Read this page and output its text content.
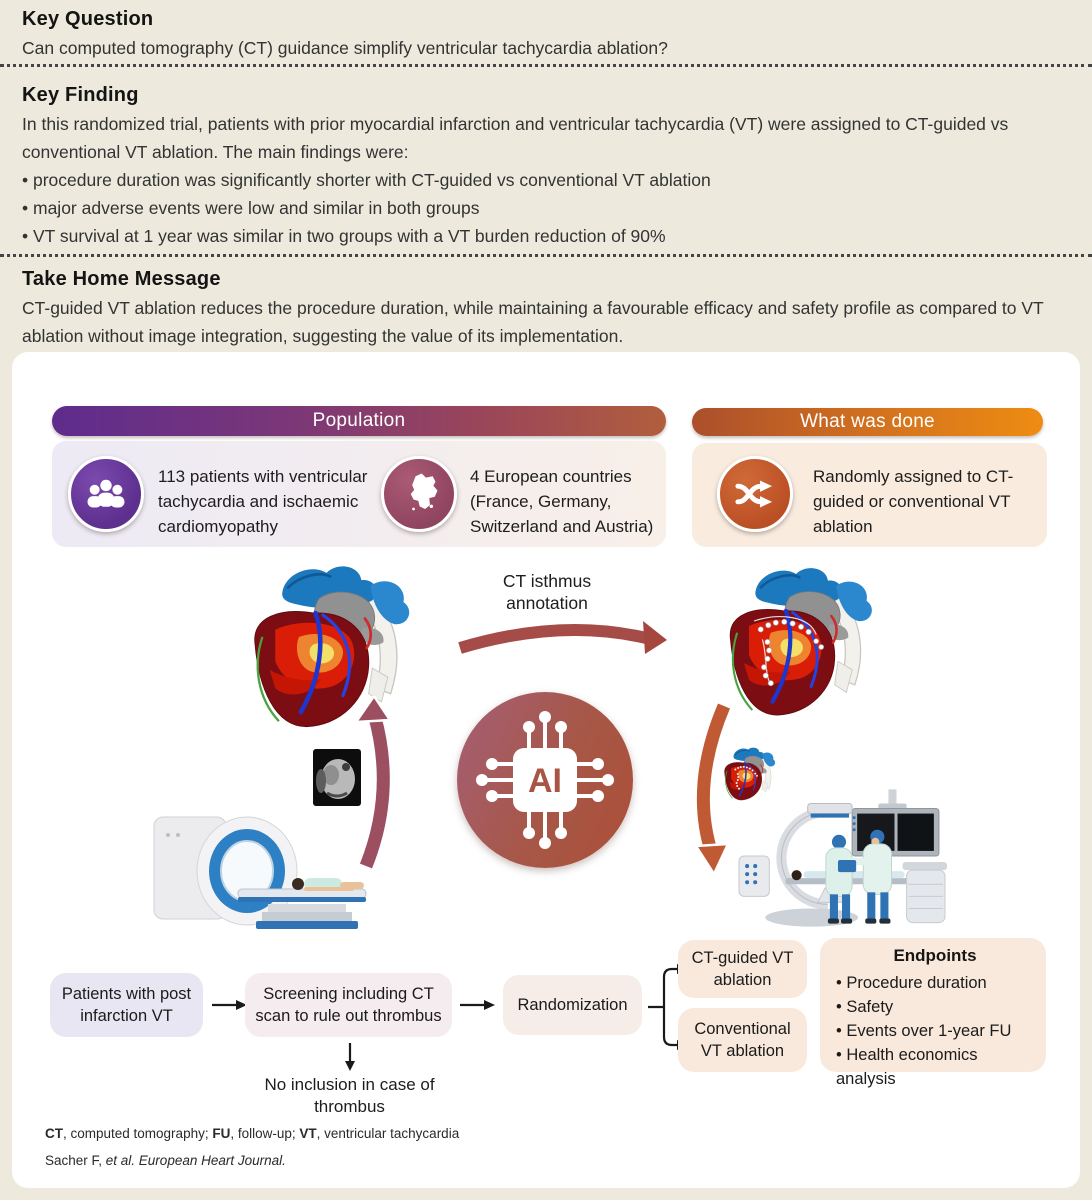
Key Question
Can computed tomography (CT) guidance simplify ventricular tachycardia ablation?
Key Finding
In this randomized trial, patients with prior myocardial infarction and ventricular tachycardia (VT) were assigned to CT-guided vs conventional VT ablation. The main findings were:
• procedure duration was significantly shorter with CT-guided vs conventional VT ablation
• major adverse events were low and similar in both groups
• VT survival at 1 year was similar in two groups with a VT burden reduction of 90%
Take Home Message
CT-guided VT ablation reduces the procedure duration, while maintaining a favourable efficacy and safety profile as compared to VT ablation without image integration, suggesting the value of its implementation.
Population
113 patients with ventricular tachycardia and ischaemic cardiomyopathy
4 European countries (France, Germany, Switzerland and Austria)
What was done
Randomly assigned to CT-guided or conventional VT ablation
CT isthmus annotation
AI
Patients with post infarction VT
Screening including CT scan to rule out thrombus
Randomization
CT-guided VT ablation
Conventional VT ablation
Endpoints
• Procedure duration
• Safety
• Events over 1-year FU
• Health economics analysis
No inclusion in case of thrombus
CT, computed tomography; FU, follow-up; VT, ventricular tachycardia
Sacher F, et al. European Heart Journal.
